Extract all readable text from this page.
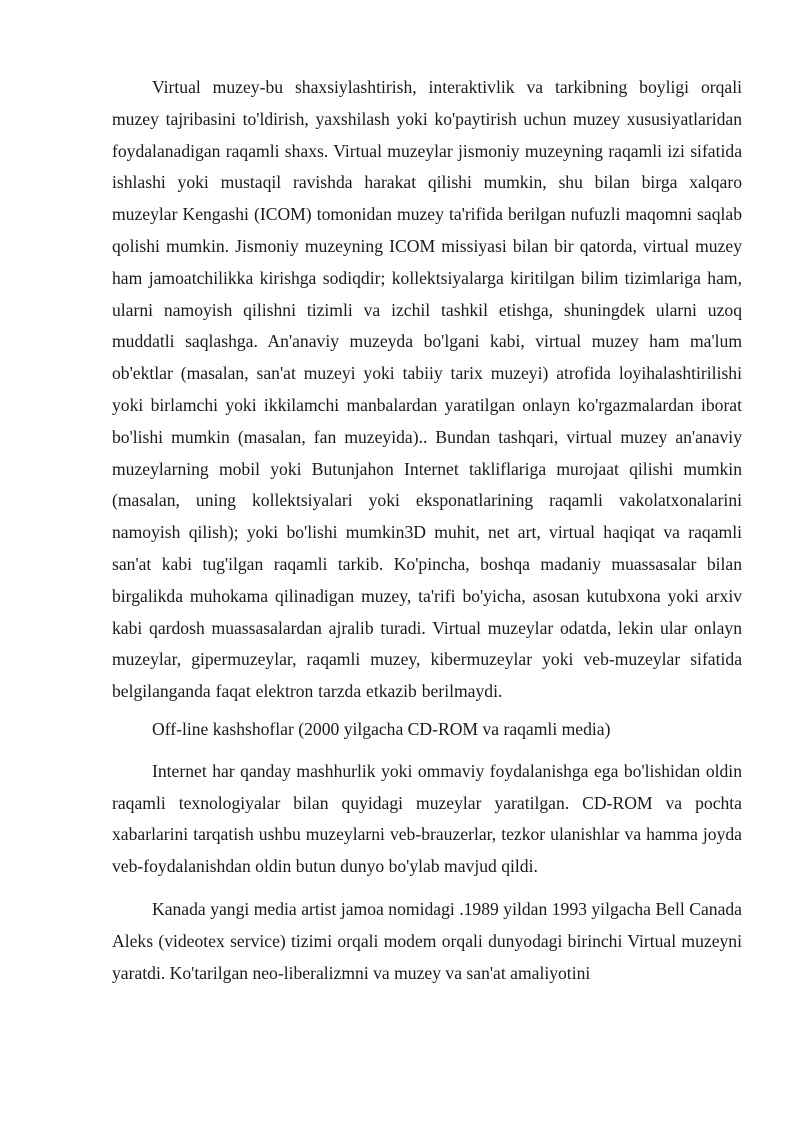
Virtual muzey-bu shaxsiylashtirish, interaktivlik va tarkibning boyligi orqali muzey tajribasini to'ldirish, yaxshilash yoki ko'paytirish uchun muzey xususiyatlaridan foydalanadigan raqamli shaxs. Virtual muzeylar jismoniy muzeyning raqamli izi sifatida ishlashi yoki mustaqil ravishda harakat qilishi mumkin, shu bilan birga xalqaro muzeylar Kengashi (ICOM) tomonidan muzey ta'rifida berilgan nufuzli maqomni saqlab qolishi mumkin. Jismoniy muzeyning ICOM missiyasi bilan bir qatorda, virtual muzey ham jamoatchilikka kirishga sodiqdir; kollektsiyalarga kiritilgan bilim tizimlariga ham, ularni namoyish qilishni tizimli va izchil tashkil etishga, shuningdek ularni uzoq muddatli saqlashga. An'anaviy muzeyda bo'lgani kabi, virtual muzey ham ma'lum ob'ektlar (masalan, san'at muzeyi yoki tabiiy tarix muzeyi) atrofida loyihalashtirilishi yoki birlamchi yoki ikkilamchi manbalardan yaratilgan onlayn ko'rgazmalardan iborat bo'lishi mumkin (masalan, fan muzeyida).. Bundan tashqari, virtual muzey an'anaviy muzeylarning mobil yoki Butunjahon Internet takliflariga murojaat qilishi mumkin (masalan, uning kollektsiyalari yoki eksponatlarining raqamli vakolatxonalarini namoyish qilish); yoki bo'lishi mumkin3D muhit, net art, virtual haqiqat va raqamli san'at kabi tug'ilgan raqamli tarkib. Ko'pincha, boshqa madaniy muassasalar bilan birgalikda muhokama qilinadigan muzey, ta'rifi bo'yicha, asosan kutubxona yoki arxiv kabi qardosh muassasalardan ajralib turadi. Virtual muzeylar odatda, lekin ular onlayn muzeylar, gipermuzeylar, raqamli muzey, kibermuzeylar yoki veb-muzeylar sifatida belgilanganda faqat elektron tarzda etkazib berilmaydi.

Off-line kashshoflar (2000 yilgacha CD-ROM va raqamli media)

Internet har qanday mashhurlik yoki ommaviy foydalanishga ega bo'lishidan oldin raqamli texnologiyalar bilan quyidagi muzeylar yaratilgan. CD-ROM va pochta xabarlarini tarqatish ushbu muzeylarni veb-brauzerlar, tezkor ulanishlar va hamma joyda veb-foydalanishdan oldin butun dunyo bo'ylab mavjud qildi.

Kanada yangi media artist jamoa nomidagi .1989 yildan 1993 yilgacha Bell Canada Aleks (videotex service) tizimi orqali modem orqali dunyodagi birinchi Virtual muzeyni yaratdi. Ko'tarilgan neo-liberalizmni va muzey va san'at amaliyotini
